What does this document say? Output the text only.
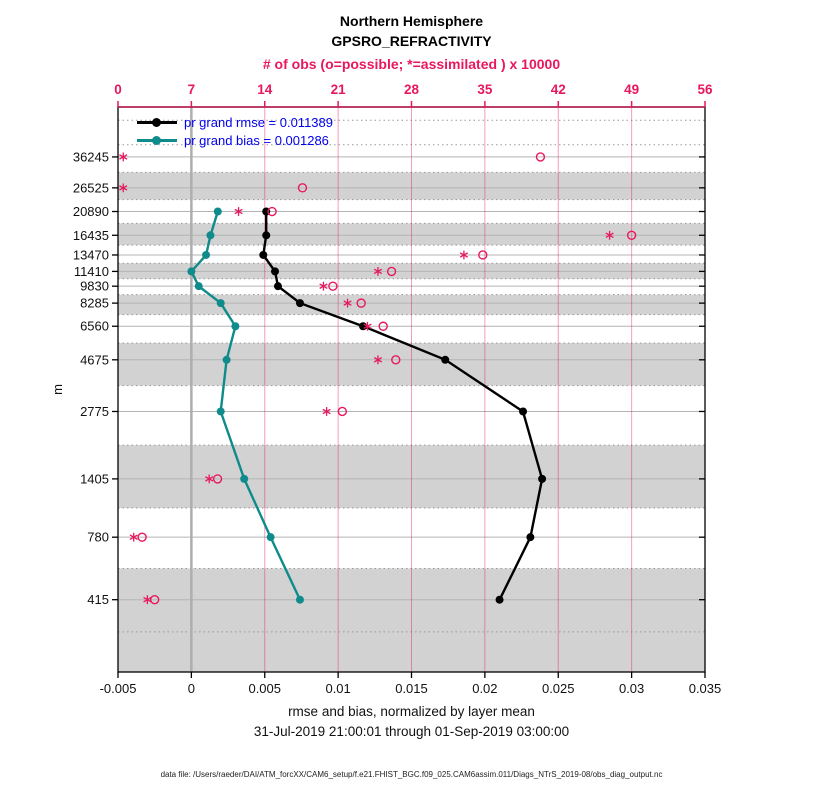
0	7	14	21	28	35	42	49	56
-0.005	0	0.005	0.01	0.015	0.02	0.025	0.03	0.035
36245
26525
20890
16435
13470
11410
9830
8285
6560
4675
2775
1405
780
415
Northern Hemisphere
GPSRO_REFRACTIVITY
# of obs (o=possible; *=assimilated ) x 10000
m
pr grand rmse = 0.011389
pr grand bias = 0.001286
rmse and bias, normalized by layer mean
31-Jul-2019 21:00:01 through 01-Sep-2019 03:00:00
data file: /Users/raeder/DAI/ATM_forcXX/CAM6_setup/f.e21.FHIST_BGC.f09_025.CAM6assim.011/Diags_NTrS_2019-08/obs_diag_output.nc
